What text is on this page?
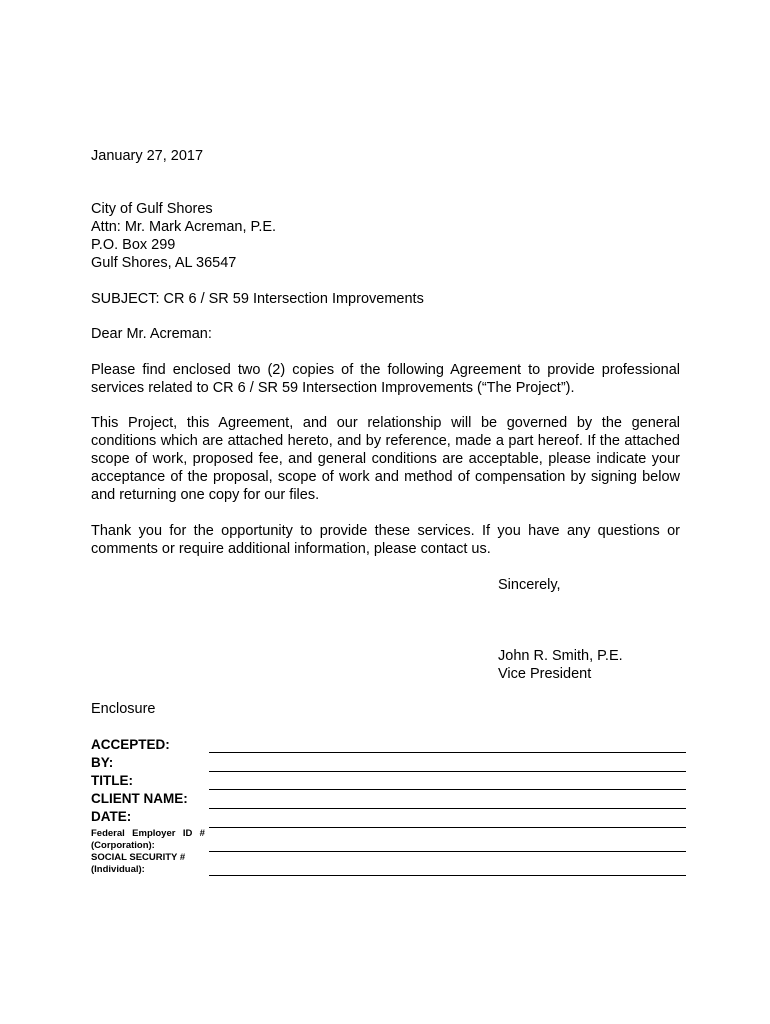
January 27, 2017
City of Gulf Shores
Attn: Mr. Mark Acreman, P.E.
P.O. Box 299
Gulf Shores, AL 36547
SUBJECT: CR 6 / SR 59 Intersection Improvements
Dear Mr. Acreman:
Please find enclosed two (2) copies of the following Agreement to provide professional services related to CR 6 / SR 59 Intersection Improvements (“The Project”).
This Project, this Agreement, and our relationship will be governed by the general conditions which are attached hereto, and by reference, made a part hereof. If the attached scope of work, proposed fee, and general conditions are acceptable, please indicate your acceptance of the proposal, scope of work and method of compensation by signing below and returning one copy for our files.
Thank you for the opportunity to provide these services. If you have any questions or comments or require additional information, please contact us.
Sincerely,
John R. Smith, P.E.
Vice President
Enclosure
ACCEPTED:
BY:
TITLE:
CLIENT NAME:
DATE:
Federal Employer ID #
(Corporation):
SOCIAL SECURITY #
(Individual):
